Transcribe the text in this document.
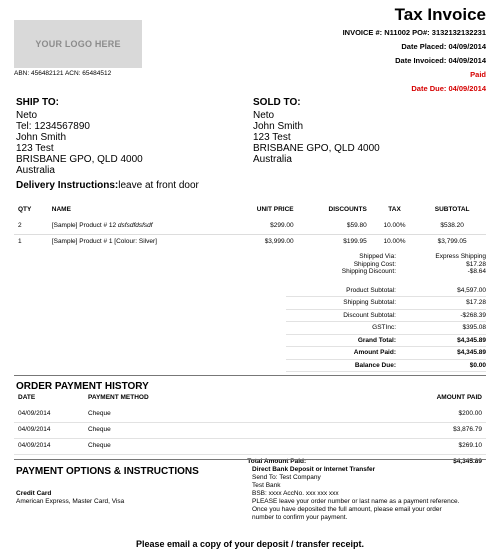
YOUR LOGO HERE
ABN: 456482121 ACN: 65484512
Tax Invoice
INVOICE #: N11002 PO#: 3132132132231
Date Placed: 04/09/2014
Date Invoiced: 04/09/2014
Paid
Date Due: 04/09/2014
SHIP TO:
Neto
Tel: 1234567890
John Smith
123 Test
BRISBANE GPO, QLD 4000
Australia
SOLD TO:
Neto
John Smith
123 Test
BRISBANE GPO, QLD 4000
Australia
Delivery Instructions:leave at front door
QTY	NAME	UNIT PRICE	DISCOUNTS	TAX	SUBTOTAL
2	[Sample] Product # 12 dsfsdfdsfsdf	$299.00	$59.80	10.00%	$538.20
1	[Sample] Product # 1 [Colour: Silver]	$3,999.00	$199.95	10.00%	$3,799.05
Shipped Via:	Express Shipping
Shipping Cost:	$17.28
Shipping Discount:	-$8.64
Product Subtotal:	$4,597.00
Shipping Subtotal:	$17.28
Discount Subtotal:	-$268.39
GSTInc:	$395.08
Grand Total:	$4,345.89
Amount Paid:	$4,345.89
Balance Due:	$0.00
ORDER PAYMENT HISTORY
DATE	PAYMENT METHOD	AMOUNT PAID
04/09/2014	Cheque	$200.00
04/09/2014	Cheque	$3,876.79
04/09/2014	Cheque	$269.10
	Total Amount Paid:	$4,345.89
PAYMENT OPTIONS & INSTRUCTIONS
Credit Card
American Express, Master Card, Visa
Direct Bank Deposit or Internet Transfer
Send To: Test Company
Test Bank
BSB: xxxx AccNo. xxx xxx xxx
PLEASE leave your order number or last name as a payment reference.
Once you have deposited the full amount, please email your order
number to confirm your payment.
Please email a copy of your deposit / transfer receipt.
